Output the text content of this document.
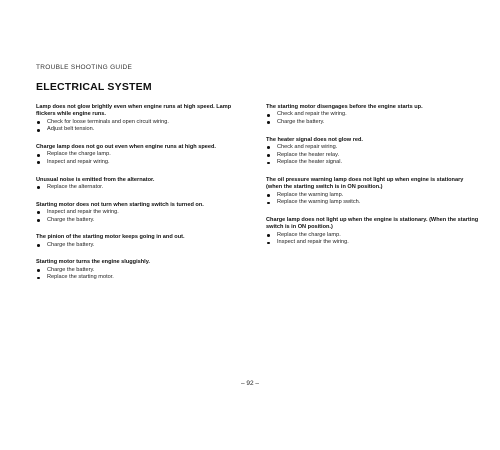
TROUBLE SHOOTING GUIDE
ELECTRICAL SYSTEM
Lamp does not glow brightly even when engine runs at high speed. Lamp flickers while engine runs.
Check for loose terminals and open circuit wiring.
Adjust belt tension.
Charge lamp does not go out even when engine runs at high speed.
Replace the charge lamp.
Inspect and repair wiring.
Unusual noise is emitted from the alternator.
Replace the alternator.
Starting motor does not turn when starting switch is turned on.
Inspect and repair the wiring.
Charge the battery.
The pinion of the starting motor keeps going in and out.
Charge the battery.
Starting motor turns the engine sluggishly.
Charge the battery.
Replace the starting motor.
The starting motor disengages before the engine starts up.
Check and repair the wiring.
Charge the battery.
The heater signal does not glow red.
Check and repair wiring.
Replace the heater relay.
Replace the heater signal.
The oil pressure warning lamp does not light up when engine is stationary (when the starting switch is in ON position.)
Replace the warning lamp.
Replace the warning lamp switch.
Charge lamp does not light up when the engine is stationary. (When the starting switch is in ON position.)
Replace the charge lamp.
Inspect and repair the wiring.
– 92 –
